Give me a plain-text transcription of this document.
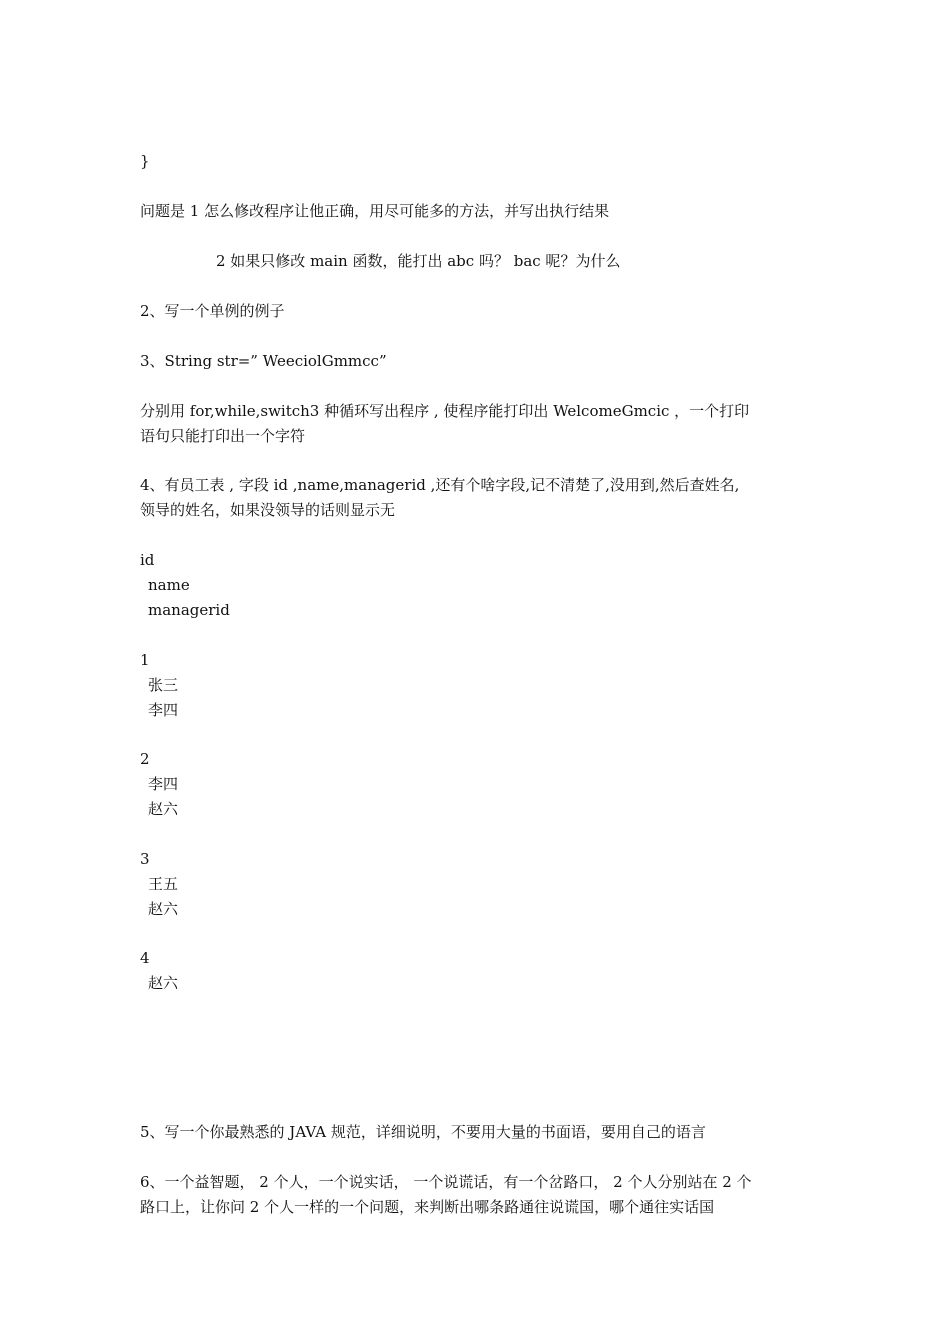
}
问题是 1 怎么修改程序让他正确，用尽可能多的方法，并写出执行结果
2 如果只修改 main 函数，能打出 abc 吗？ bac 呢？为什么
2、写一个单例的例子
3、String str=” WeeciolGmmcc”
分别用 for,while,switch3 种循环写出程序 , 使程序能打印出 WelcomeGmcic ，一个打印
语句只能打印出一个字符
4、有员工表 , 字段 id ,name,managerid ,还有个啥字段,记不清楚了,没用到,然后查姓名,
领导的姓名，如果没领导的话则显示无
id
name
managerid
1
张三
李四
2
李四
赵六
3
王五
赵六
4
赵六
5、写一个你最熟悉的 JAVA 规范，详细说明，不要用大量的书面语，要用自己的语言
6、一个益智题， 2 个人，一个说实话， 一个说谎话，有一个岔路口， 2 个人分别站在 2 个
路口上，让你问 2 个人一样的一个问题，来判断出哪条路通往说谎国，哪个通往实话国
